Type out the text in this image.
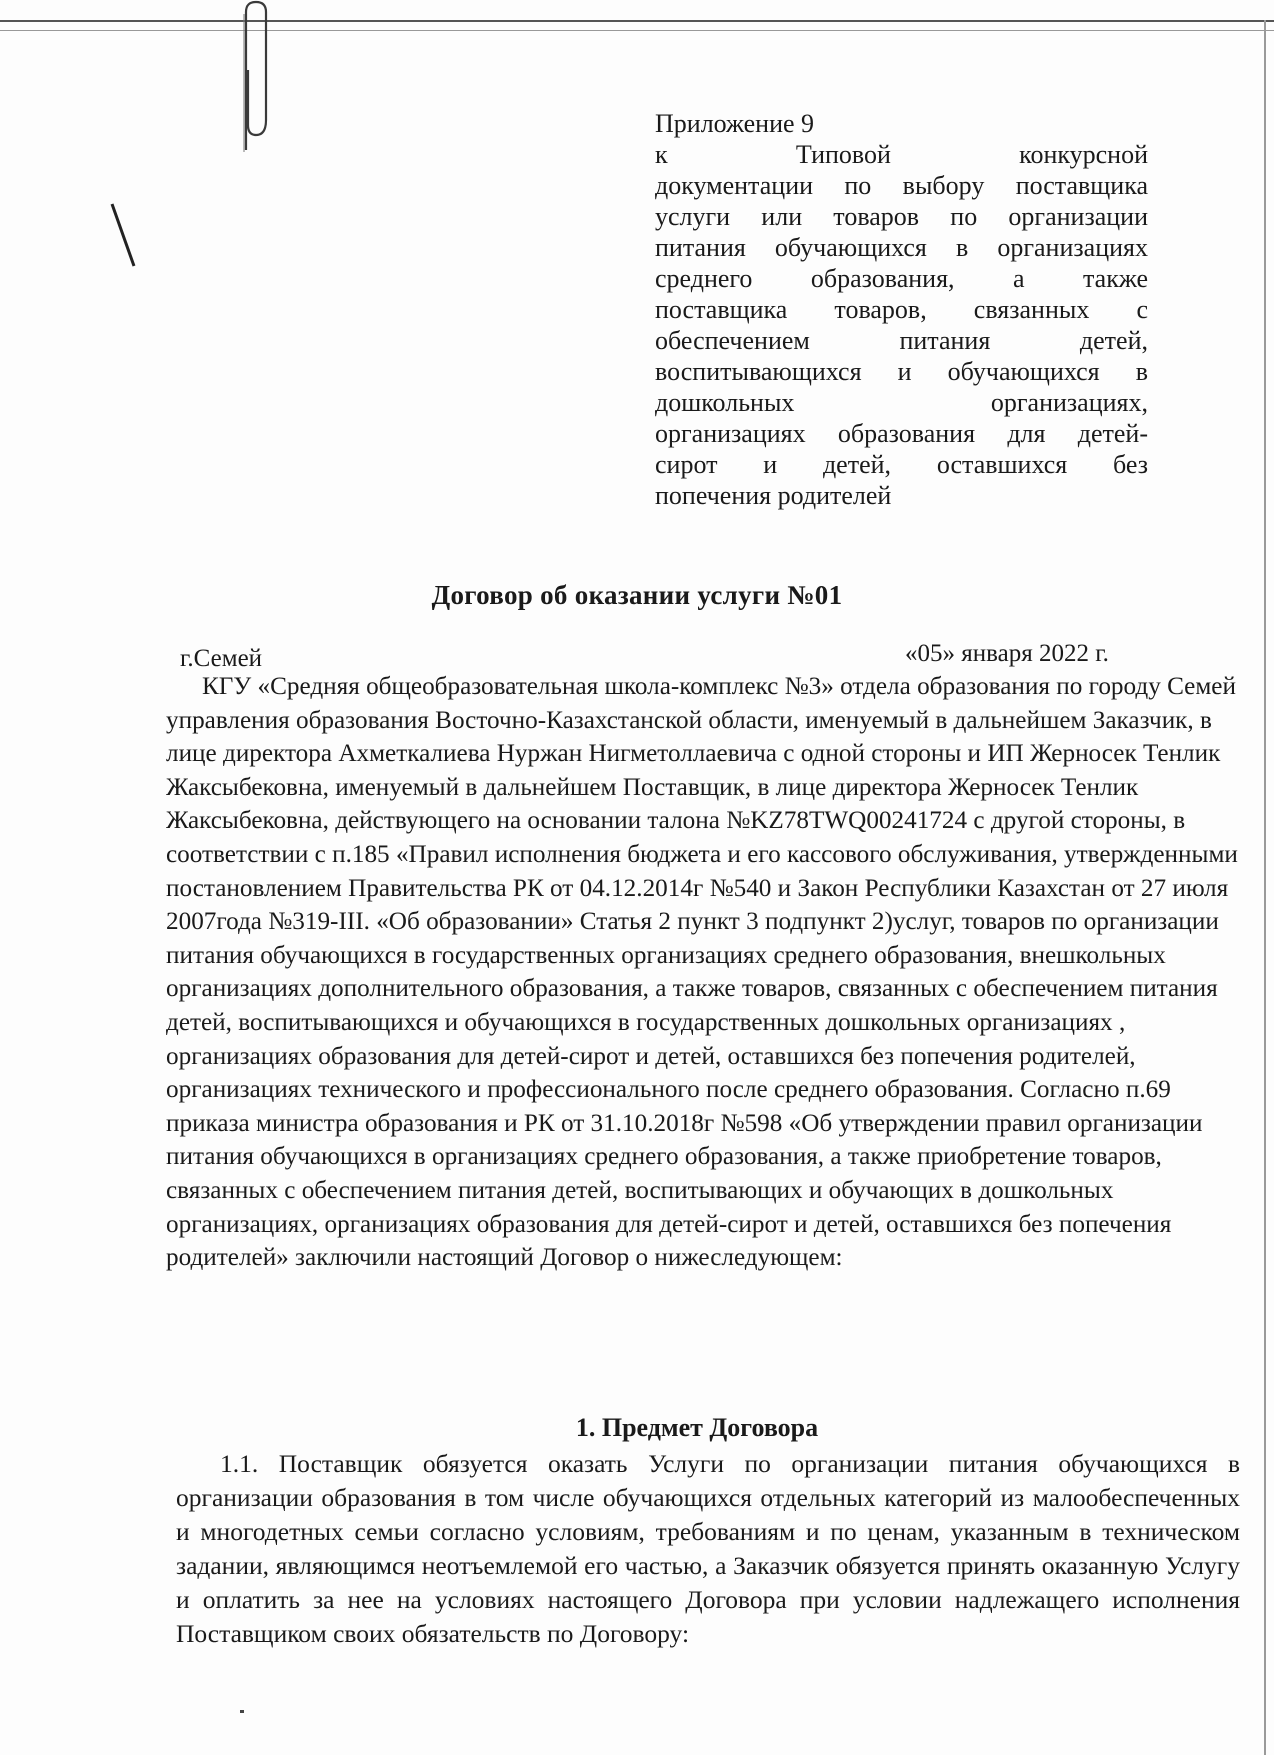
Приложение 9
к Типовой конкурсной
документации по выбору поставщика
услуги или товаров по организации
питания обучающихся в организациях
среднего образования, а также
поставщика товаров, связанных с
обеспечением питания детей,
воспитывающихся и обучающихся в
дошкольных организациях,
организациях образования для детей-
сирот и детей, оставшихся без
попечения родителей
Договор об оказании услуги №01
г.Семей	«05» января 2022 г.

КГУ «Средняя общеобразовательная школа-комплекс №3» отдела образования по городу Семей управления образования Восточно-Казахстанской области, именуемый в дальнейшем Заказчик, в лице директора Ахметкалиева Нуржан Нигметоллаевича с одной стороны и ИП Жерносек Тенлик Жаксыбековна, именуемый в дальнейшем Поставщик, в лице директора Жерносек Тенлик Жаксыбековна, действующего на основании талона №KZ78TWQ00241724 с другой стороны, в соответствии с п.185 «Правил исполнения бюджета и его кассового обслуживания, утвержденными постановлением Правительства РК от 04.12.2014г №540 и Закон Республики Казахстан от 27 июля 2007года №319-III. «Об образовании» Статья 2 пункт 3 подпункт 2)услуг, товаров по организации питания обучающихся в государственных организациях среднего образования, внешкольных организациях дополнительного образования, а также товаров, связанных с обеспечением питания детей, воспитывающихся и обучающихся в государственных дошкольных организациях , организациях образования для детей-сирот и детей, оставшихся без попечения родителей, организациях технического и профессионального после среднего образования. Согласно п.69 приказа министра образования и РК от 31.10.2018г №598 «Об утверждении правил организации питания обучающихся в организациях среднего образования, а также приобретение товаров, связанных с обеспечением питания детей, воспитывающих и обучающих в дошкольных организациях, организациях образования для детей-сирот и детей, оставшихся без попечения родителей» заключили настоящий Договор о нижеследующем:

1. Предмет Договора

1.1. Поставщик обязуется оказать Услуги по организации питания обучающихся в организации образования в том числе обучающихся отдельных категорий из малообеспеченных и многодетных семьи согласно условиям, требованиям и по ценам, указанным в техническом задании, являющимся неотъемлемой его частью, а Заказчик обязуется принять оказанную Услугу и оплатить за нее на условиях настоящего Договора при условии надлежащего исполнения Поставщиком своих обязательств по Договору:
